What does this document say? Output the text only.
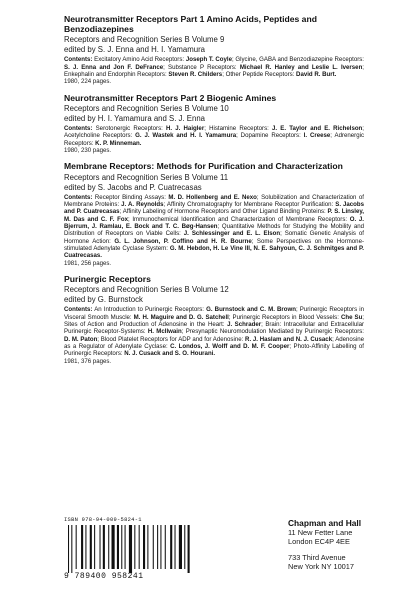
Neurotransmitter Receptors Part 1 Amino Acids, Peptides and Benzodiazepines
Receptors and Recognition Series B Volume 9
edited by S. J. Enna and H. I. Yamamura
Contents: Excitatory Amino Acid Receptors: Joseph T. Coyle; Glycine, GABA and Benzodiazepine Receptors: S. J. Enna and Jon F. DeFrance; Substance P Receptors: Michael R. Hanley and Leslie L. Iversen; Enkephalin and Endorphin Receptors: Steven R. Childers; Other Peptide Receptors: David R. Burt.
1980, 224 pages.
Neurotransmitter Receptors Part 2 Biogenic Amines
Receptors and Recognition Series B Volume 10
edited by H. I. Yamamura and S. J. Enna
Contents: Serotonergic Receptors: H. J. Haigler; Histamine Receptors: J. E. Taylor and E. Richelson; Acetylcholine Receptors: G. J. Wastek and H. I. Yamamura; Dopamine Receptors: I. Creese; Adrenergic Receptors: K. P. Minneman.
1980, 230 pages.
Membrane Receptors: Methods for Purification and Characterization
Receptors and Recognition Series B Volume 11
edited by S. Jacobs and P. Cuatrecasas
Contents: Receptor Binding Assays: M. D. Hollenberg and E. Nexo; Solubilization and Characterization of Membrane Proteins: J. A. Reynolds; Affinity Chromatography for Membrane Receptor Purification: S. Jacobs and P. Cuatrecasas; Affinity Labeling of Hormone Receptors and Other Ligand Binding Proteins: P. S. Linsley, M. Das and C. F. Fox; Immunochemical Identification and Characterization of Membrane Receptors: O. J. Bjerrum, J. Ramlau, E. Bock and T. C. Bøg-Hansen; Quantitative Methods for Studying the Mobility and Distribution of Receptors on Viable Cells: J. Schlessinger and E. L. Elson; Somatic Genetic Analysis of Hormone Action: G. L. Johnson, P. Coffino and H. R. Bourne; Some Perspectives on the Hormone-stimulated Adenylate Cyclase System: G. M. Hebdon, H. Le Vine III, N. E. Sahyoun, C. J. Schmitges and P. Cuatrecasas.
1981, 256 pages.
Purinergic Receptors
Receptors and Recognition Series B Volume 12
edited by G. Burnstock
Contents: An Introduction to Purinergic Receptors: G. Burnstock and C. M. Brown; Purinergic Receptors in Visceral Smooth Muscle: M. H. Maguire and D. G. Satchell; Purinergic Receptors in Blood Vessels: Che Su; Sites of Action and Production of Adenosine in the Heart: J. Schrader; Brain: Intracellular and Extracellular Purinergic Receptor-Systems: H. McIlwain; Presynaptic Neuromodulation Mediated by Purinergic Receptors: D. M. Paton; Blood Platelet Receptors for ADP and for Adenosine: R. J. Haslam and N. J. Cusack; Adenosine as a Regulator of Adenylate Cyclase: C. Londos, J. Wolff and D. M. F. Cooper; Photo-Affinity Labelling of Purinergic Receptors: N. J. Cusack and S. O. Hourani.
1981, 376 pages.
ISBN 978-94-009-5824-1
9 789400 958241
Chapman and Hall
11 New Fetter Lane
London EC4P 4EE
733 Third Avenue
New York NY 10017
